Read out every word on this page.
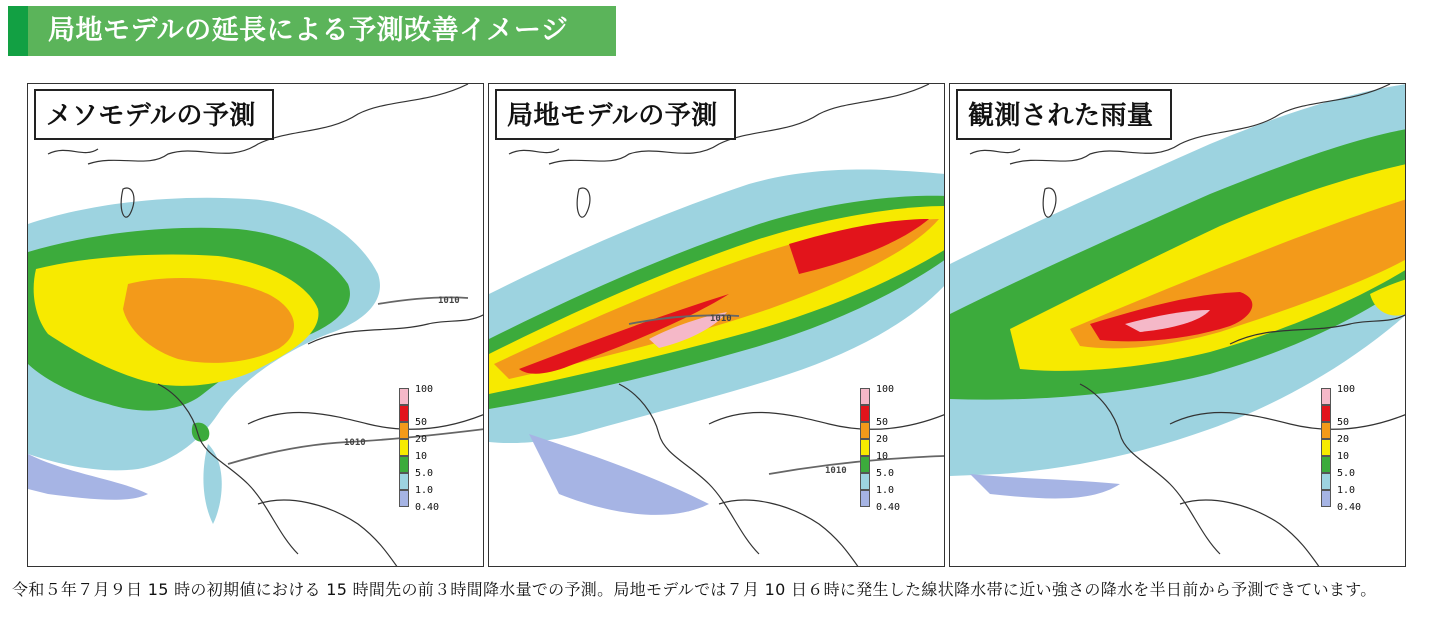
局地モデルの延長による予測改善イメージ
1010
1010
メソモデルの予測
100
50
20
10
5.0
1.0
0.40
1010
1010
局地モデルの予測
100
50
20
10
5.0
1.0
0.40
観測された雨量
100
50
20
10
5.0
1.0
0.40
令和５年７月９日 15 時の初期値における 15 時間先の前３時間降水量での予測。局地モデルでは７月 10 日６時に発生した線状降水帯に近い強さの降水を半日前から予測できています。
